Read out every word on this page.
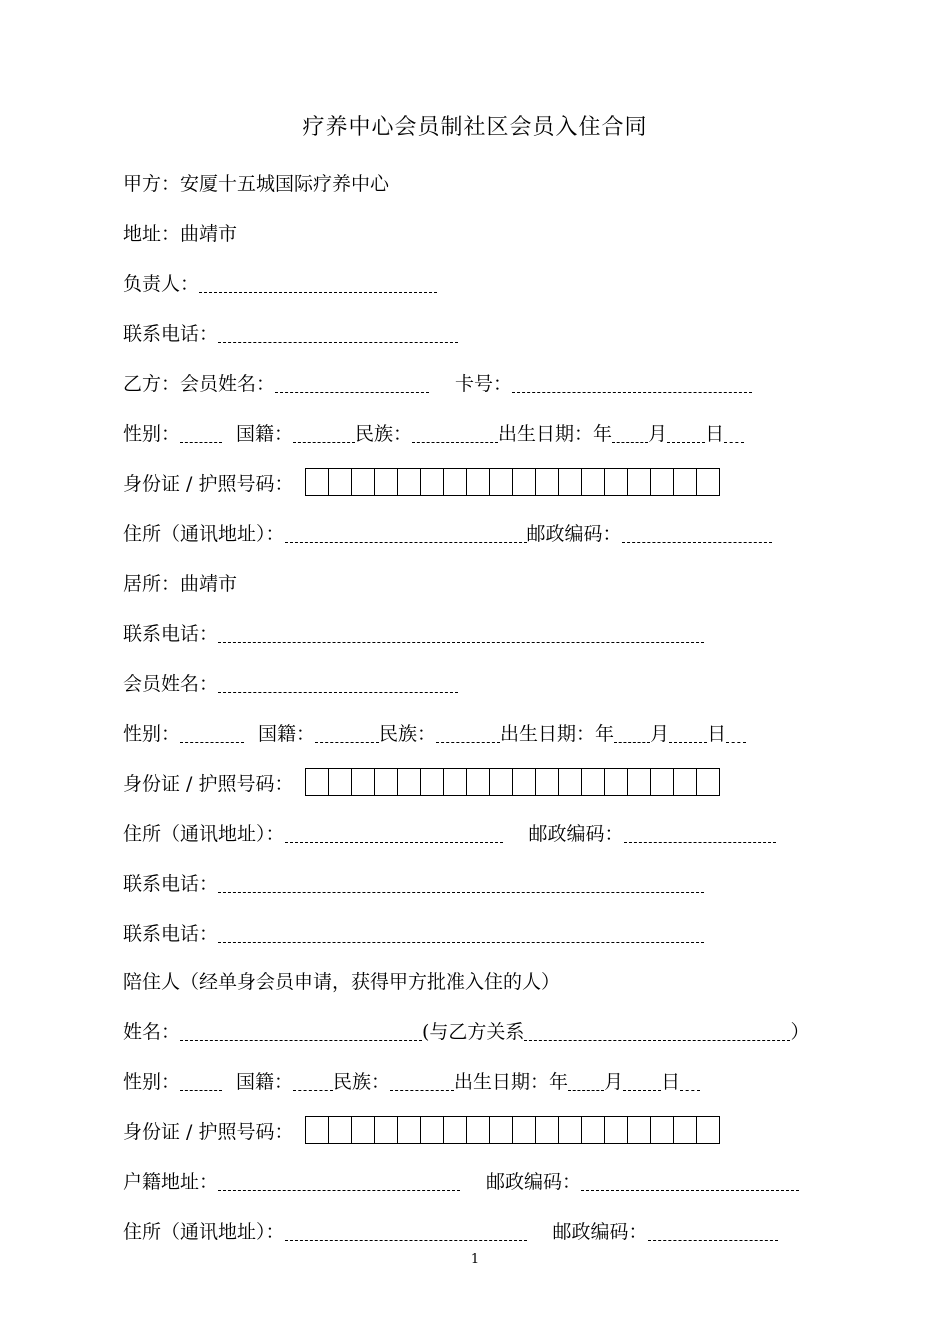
疗养中心会员制社区会员入住合同
甲方： 安厦十五城国际疗养中心
地址： 曲靖市
负责人：
联系电话：
乙方：会员姓名：	卡号：
性别：	国籍：	民族：	出生日期：年 月 日
身份证 / 护照号码：
住所（通讯地址）：	邮政编码：
居所： 曲靖市
联系电话：
会员姓名：
性别：	国籍：	民族：	出生日期：年 月 日
身份证 / 护照号码：
住所（通讯地址）：	邮政编码：
联系电话：
联系电话：
陪住人（经单身会员申请，获得甲方批准入住的人）
姓名：	(与乙方关系	）
性别：	国籍： 民族：	出生日期：年 月 日
身份证 / 护照号码：
户籍地址：	邮政编码：
住所（通讯地址）：	邮政编码：
1
